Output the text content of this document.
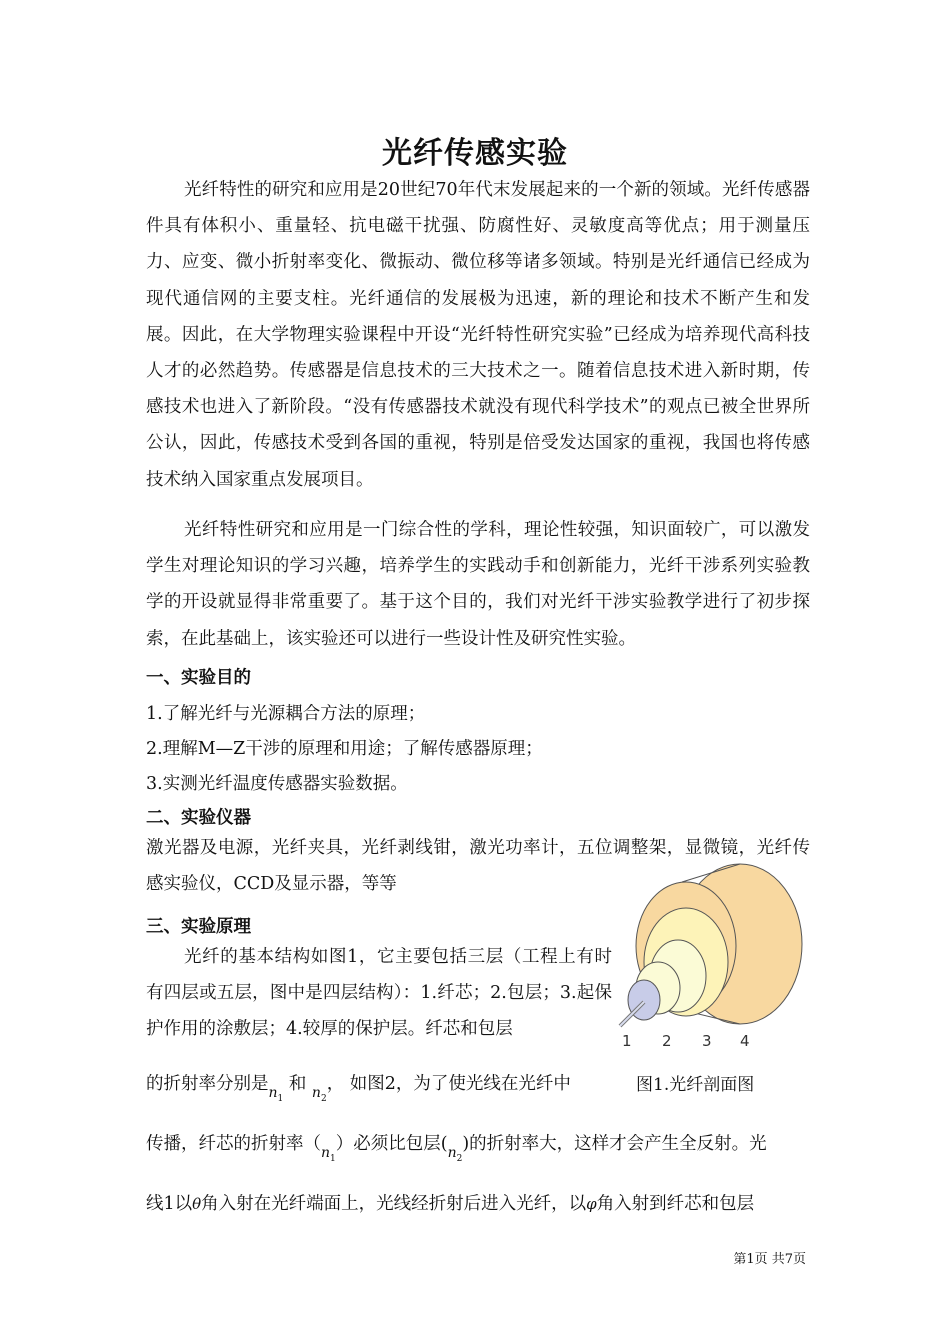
光纤传感实验

光纤特性的研究和应用是20世纪70年代末发展起来的一个新的领域。光纤传感器件具有体积小、重量轻、抗电磁干扰强、防腐性好、灵敏度高等优点；用于测量压力、应变、微小折射率变化、微振动、微位移等诸多领域。特别是光纤通信已经成为现代通信网的主要支柱。光纤通信的发展极为迅速，新的理论和技术不断产生和发展。因此，在大学物理实验课程中开设“光纤特性研究实验”已经成为培养现代高科技人才的必然趋势。传感器是信息技术的三大技术之一。随着信息技术进入新时期，传感技术也进入了新阶段。“没有传感器技术就没有现代科学技术”的观点已被全世界所公认，因此，传感技术受到各国的重视，特别是倍受发达国家的重视，我国也将传感技术纳入国家重点发展项目。

光纤特性研究和应用是一门综合性的学科，理论性较强，知识面较广，可以激发学生对理论知识的学习兴趣，培养学生的实践动手和创新能力，光纤干涉系列实验教学的开设就显得非常重要了。基于这个目的，我们对光纤干涉实验教学进行了初步探索，在此基础上，该实验还可以进行一些设计性及研究性实验。

一、实验目的

1.了解光纤与光源耦合方法的原理；

2.理解M—Z干涉的原理和用途；了解传感器原理；

3.实测光纤温度传感器实验数据。

二、实验仪器

激光器及电源，光纤夹具，光纤剥线钳，激光功率计，五位调整架，显微镜，光纤传感实验仪，CCD及显示器，等等

三、实验原理

光纤的基本结构如图1，它主要包括三层（工程上有时有四层或五层，图中是四层结构）：1.纤芯；2.包层；3.起保护作用的涂敷层；4.较厚的保护层。纤芯和包层

的折射率分别是$_{n_1}$ 和 $_{n_2}$， 如图2，为了使光线在光纤中
传播，纤芯的折射率$(_{n_1})$必须比包层$(_{n_2})$的折射率大，这样才会产生全反射。光
线1以θ角入射在光纤端面上，光线经折射后进入光纤，以φ角入射到纤芯和包层
1 2 3 4
图1.光纤剖面图
第1页 共7页
